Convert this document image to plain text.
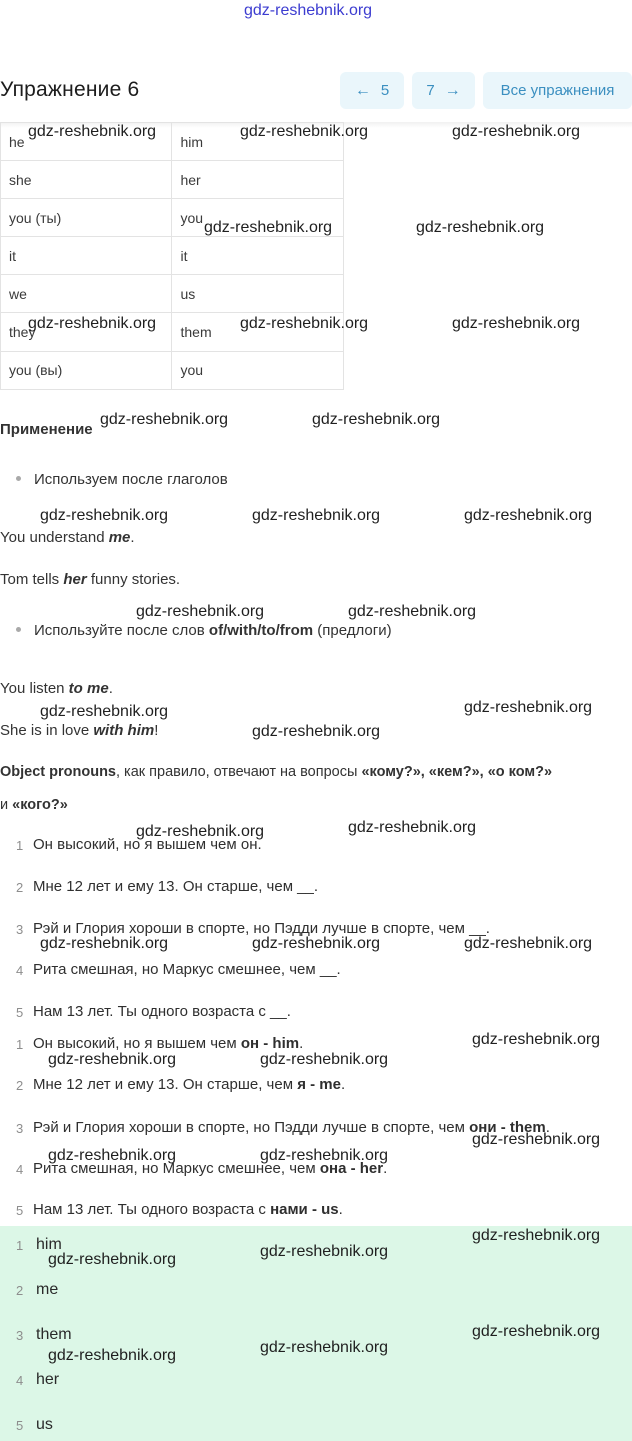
Упражнение 6	← 5 7 →	Все упражнения
he	him
she	her
you (ты)	you
it	it
we	us
they	them
you (вы)	you
Применение
Используем после глаголов
You understand me.
Tom tells her funny stories.
Используйте после слов of/with/to/from (предлоги)
You listen to me.
She is in love with him!
Object pronouns, как правило, отвечают на вопросы «кому?», «кем?», «о ком?»
и «кого?»
1 Он высокий, но я вышем чем он.
2 Мне 12 лет и ему 13. Он старше, чем __.
3 Рэй и Глория хороши в спорте, но Пэдди лучше в спорте, чем __.
4 Рита смешная, но Маркус смешнее, чем __.
5 Нам 13 лет. Ты одного возраста с __.
1 Он высокий, но я вышем чем он - him.
2 Мне 12 лет и ему 13. Он старше, чем я - me.
3 Рэй и Глория хороши в спорте, но Пэдди лучше в спорте, чем они - them.
4 Рита смешная, но Маркус смешнее, чем она - her.
5 Нам 13 лет. Ты одного возраста с нами - us.
1 him
2 me
3 them
4 her
5 us
gdz-reshebnik.org
gdz-reshebnik.org	gdz-reshebnik.org	gdz-reshebnik.org
gdz-reshebnik.org	gdz-reshebnik.org
gdz-reshebnik.org	gdz-reshebnik.org	gdz-reshebnik.org
gdz-reshebnik.org	gdz-reshebnik.org
gdz-reshebnik.org	gdz-reshebnik.org	gdz-reshebnik.org
gdz-reshebnik.org	gdz-reshebnik.org
gdz-reshebnik.org	gdz-reshebnik.org
gdz-reshebnik.org
gdz-reshebnik.org	gdz-reshebnik.org
gdz-reshebnik.org	gdz-reshebnik.org	gdz-reshebnik.org
gdz-reshebnik.org
gdz-reshebnik.org	gdz-reshebnik.org
gdz-reshebnik.org
gdz-reshebnik.org	gdz-reshebnik.org
gdz-reshebnik.org
gdz-reshebnik.org	gdz-reshebnik.org
gdz-reshebnik.org
gdz-reshebnik.org	gdz-reshebnik.org
